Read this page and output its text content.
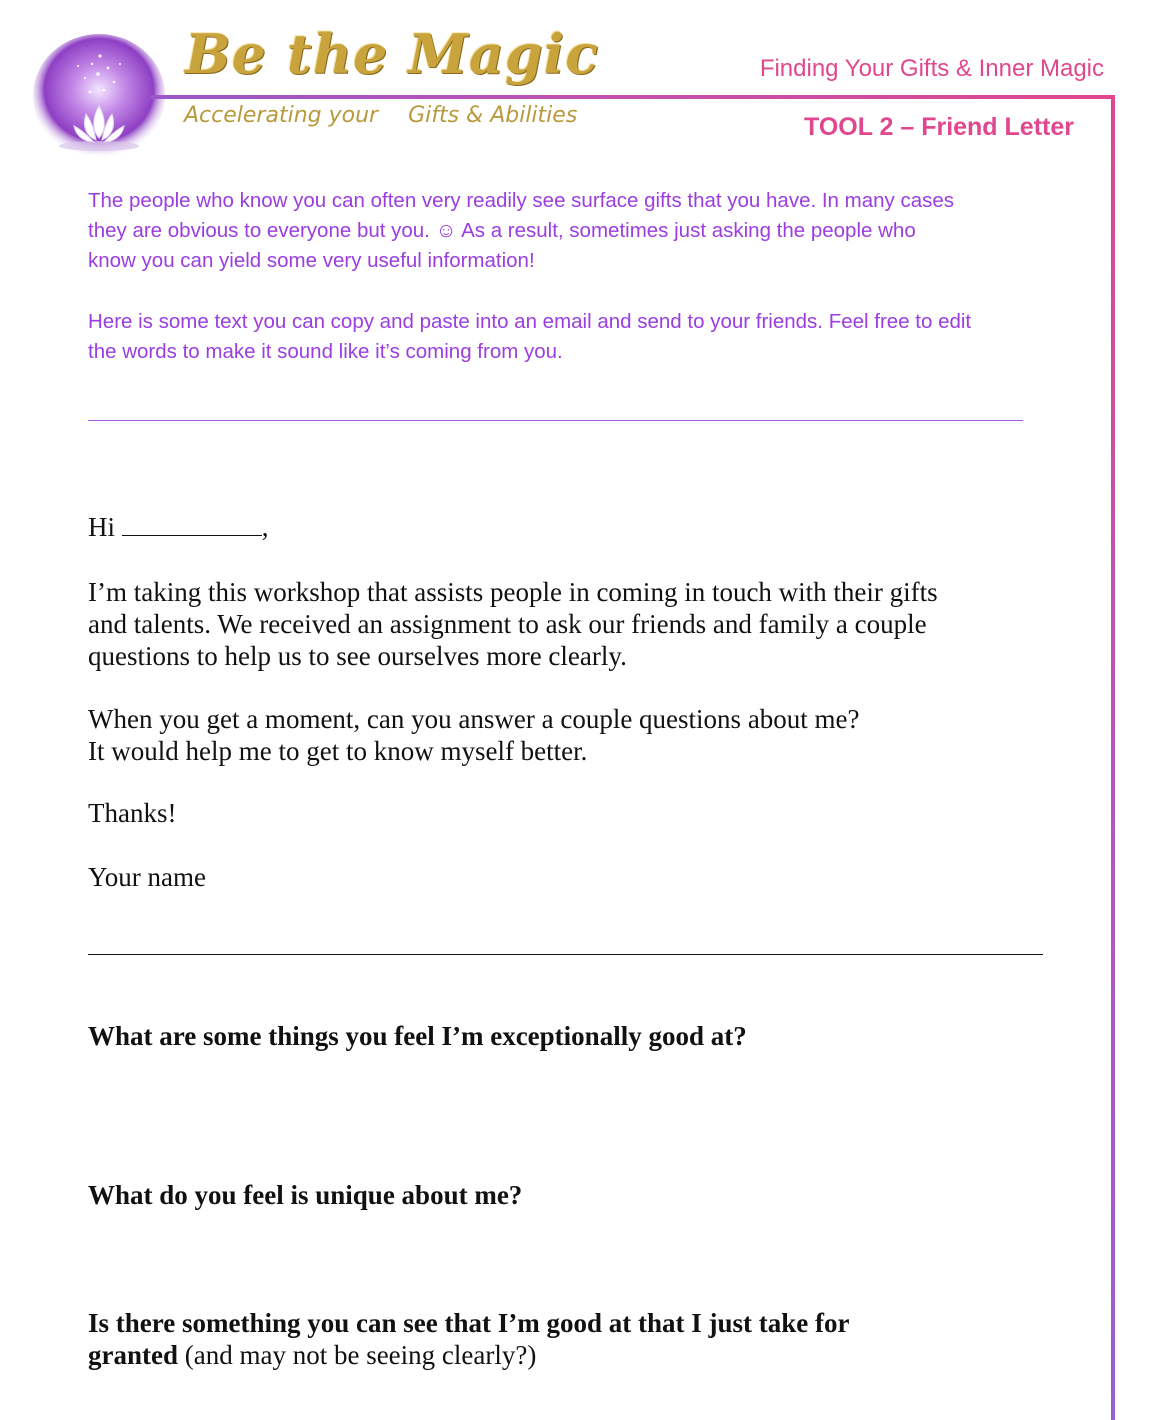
Be the Magic
Accelerating your Gifts & Abilities
Finding Your Gifts & Inner Magic
TOOL 2 – Friend Letter
The people who know you can often very readily see surface gifts that you have. In many cases
they are obvious to everyone but you. ☺ As a result, sometimes just asking the people who
know you can yield some very useful information!
Here is some text you can copy and paste into an email and send to your friends. Feel free to edit
the words to make it sound like it’s coming from you.
Hi	,
I’m taking this workshop that assists people in coming in touch with their gifts
and talents. We received an assignment to ask our friends and family a couple
questions to help us to see ourselves more clearly.
When you get a moment, can you answer a couple questions about me?
It would help me to get to know myself better.
Thanks!
Your name
What are some things you feel I’m exceptionally good at?
What do you feel is unique about me?
Is there something you can see that I’m good at that I just take for
granted (and may not be seeing clearly?)
